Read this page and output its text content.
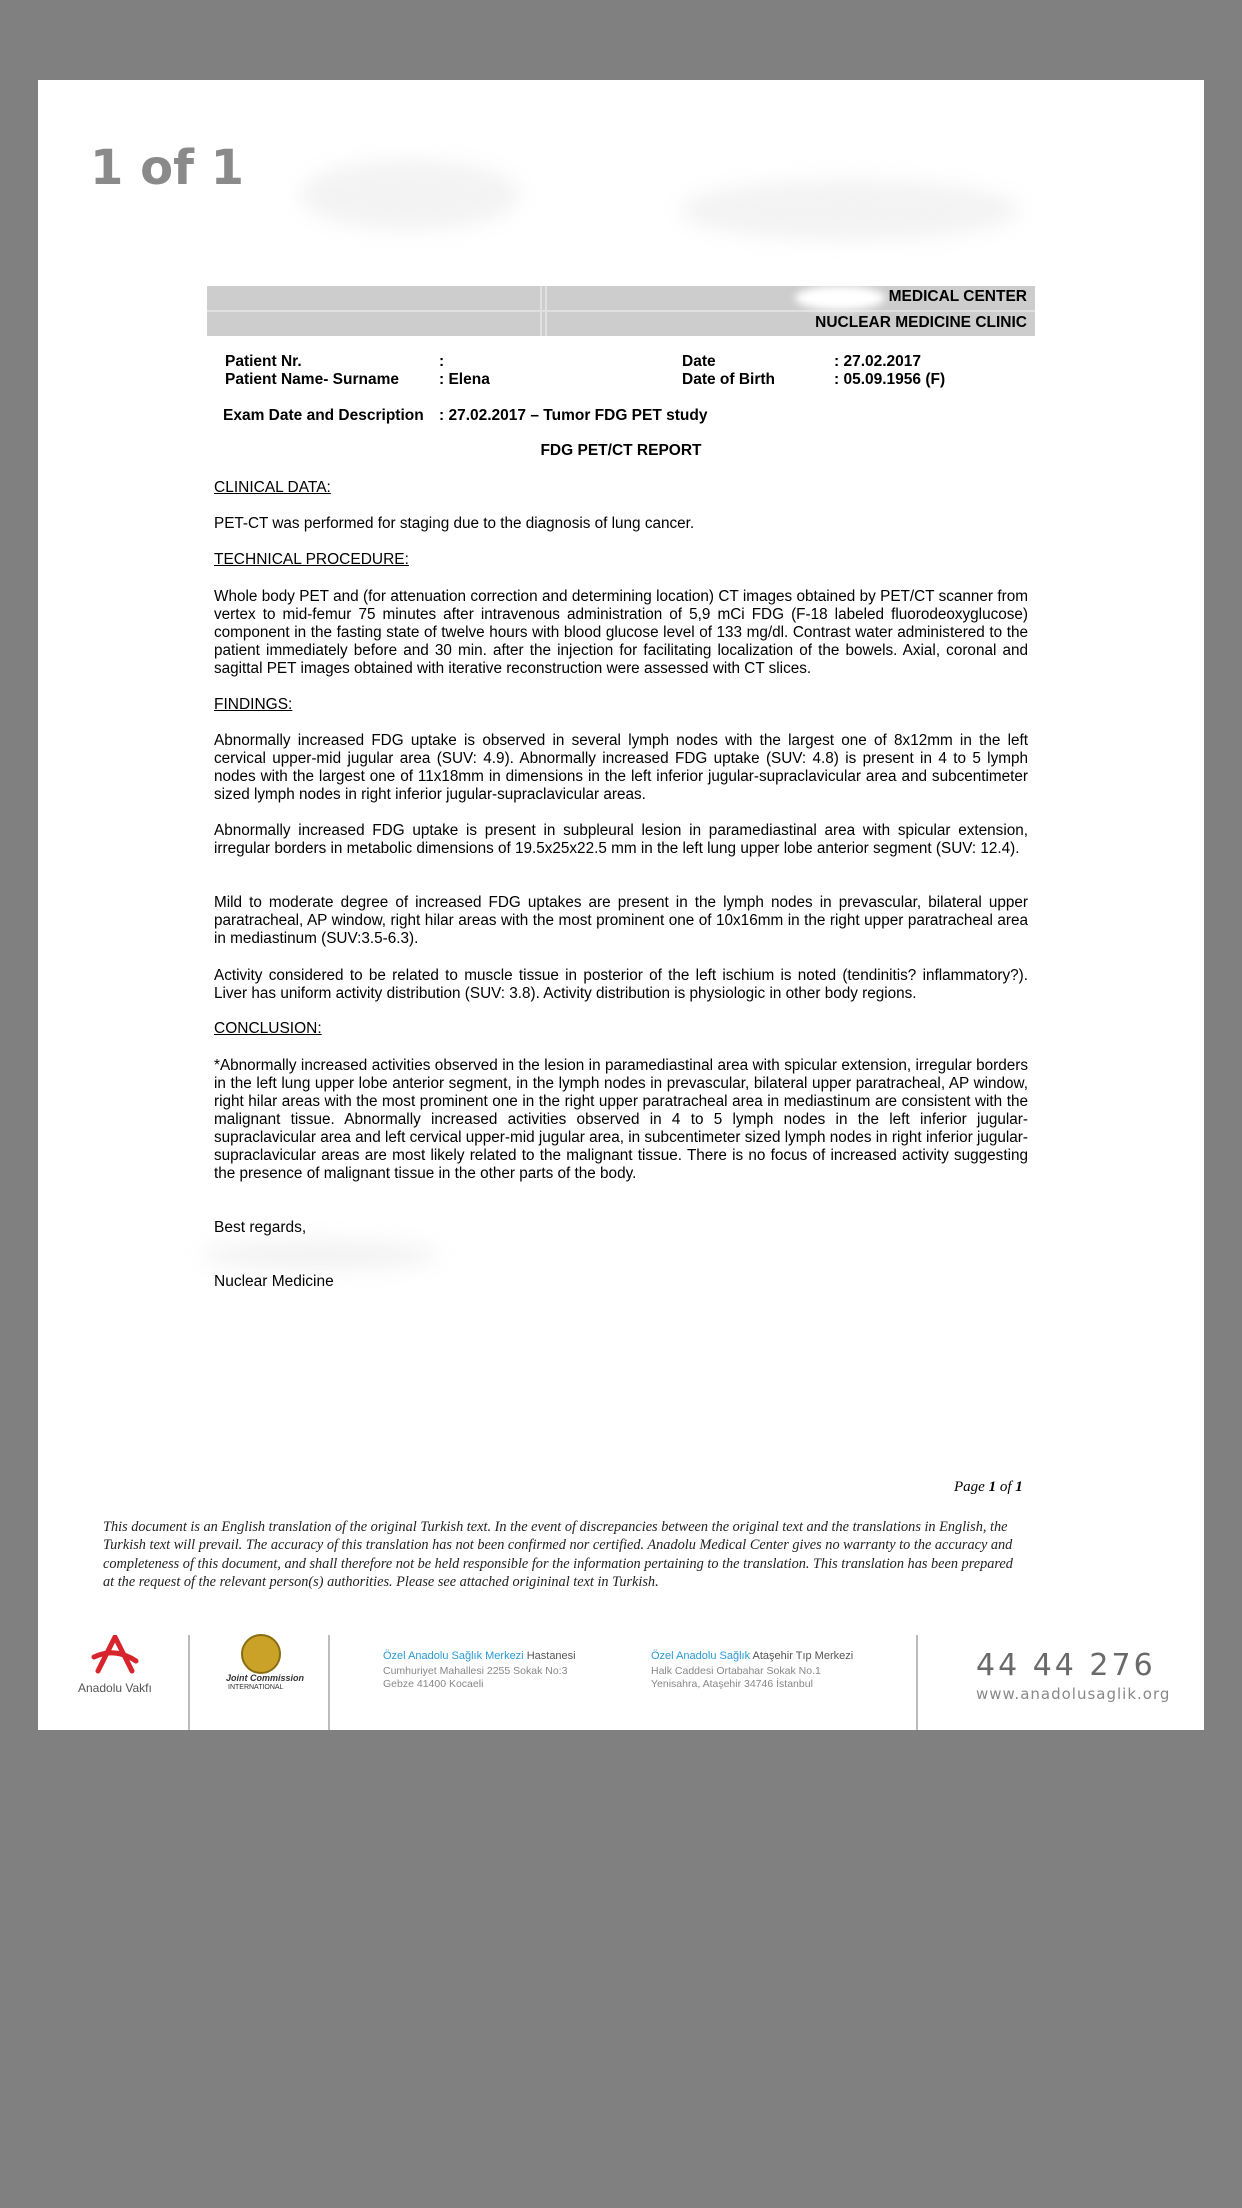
1 of 1
MEDICAL CENTER
NUCLEAR MEDICINE CLINIC
Patient Nr.	:
Patient Name- Surname	: Elena
Date	: 27.02.2017
Date of Birth	: 05.09.1956 (F)
Exam Date and Description : 27.02.2017 – Tumor FDG PET study
FDG PET/CT REPORT
CLINICAL DATA:

PET-CT was performed for staging due to the diagnosis of lung cancer.

TECHNICAL PROCEDURE:

Whole body PET and (for attenuation correction and determining location) CT images obtained by PET/CT scanner from vertex to mid-femur 75 minutes after intravenous administration of 5,9 mCi FDG (F-18 labeled fluorodeoxyglucose) component in the fasting state of twelve hours with blood glucose level of 133 mg/dl. Contrast water administered to the patient immediately before and 30 min. after the injection for facilitating localization of the bowels. Axial, coronal and sagittal PET images obtained with iterative reconstruction were assessed with CT slices.

FINDINGS:

Abnormally increased FDG uptake is observed in several lymph nodes with the largest one of 8x12mm in the left cervical upper-mid jugular area (SUV: 4.9). Abnormally increased FDG uptake (SUV: 4.8) is present in 4 to 5 lymph nodes with the largest one of 11x18mm in dimensions in the left inferior jugular-supraclavicular area and subcentimeter sized lymph nodes in right inferior jugular-supraclavicular areas.

Abnormally increased FDG uptake is present in subpleural lesion in paramediastinal area with spicular extension, irregular borders in metabolic dimensions of 19.5x25x22.5 mm in the left lung upper lobe anterior segment (SUV: 12.4).

Mild to moderate degree of increased FDG uptakes are present in the lymph nodes in prevascular, bilateral upper paratracheal, AP window, right hilar areas with the most prominent one of 10x16mm in the right upper paratracheal area in mediastinum (SUV:3.5-6.3).

Activity considered to be related to muscle tissue in posterior of the left ischium is noted (tendinitis? inflammatory?). Liver has uniform activity distribution (SUV: 3.8). Activity distribution is physiologic in other body regions.

CONCLUSION:

*Abnormally increased activities observed in the lesion in paramediastinal area with spicular extension, irregular borders in the left lung upper lobe anterior segment, in the lymph nodes in prevascular, bilateral upper paratracheal, AP window, right hilar areas with the most prominent one in the right upper paratracheal area in mediastinum are consistent with the malignant tissue. Abnormally increased activities observed in 4 to 5 lymph nodes in the left inferior jugular-supraclavicular area and left cervical upper-mid jugular area, in subcentimeter sized lymph nodes in right inferior jugular-supraclavicular areas are most likely related to the malignant tissue. There is no focus of increased activity suggesting the presence of malignant tissue in the other parts of the body.

Best regards,
Nuclear Medicine
Page 1 of 1

This document is an English translation of the original Turkish text. In the event of discrepancies between the original text and the translations in English, the Turkish text will prevail. The accuracy of this translation has not been confirmed nor certified. Anadolu Medical Center gives no warranty to the accuracy and completeness of this document, and shall therefore not be held responsible for the information pertaining to the translation. This translation has been prepared at the request of the relevant person(s) authorities. Please see attached origininal text in Turkish.

Anadolu Vakfı
Joint Commission
INTERNATIONAL
Özel Anadolu Sağlık Merkezi Hastanesi
Cumhuriyet Mahallesi 2255 Sokak No:3
Gebze 41400 Kocaeli
Özel Anadolu Sağlık Ataşehir Tıp Merkezi
Halk Caddesi Ortabahar Sokak No.1
Yenisahra, Ataşehir 34746 İstanbul
44 44 276
www.anadolusaglik.org
